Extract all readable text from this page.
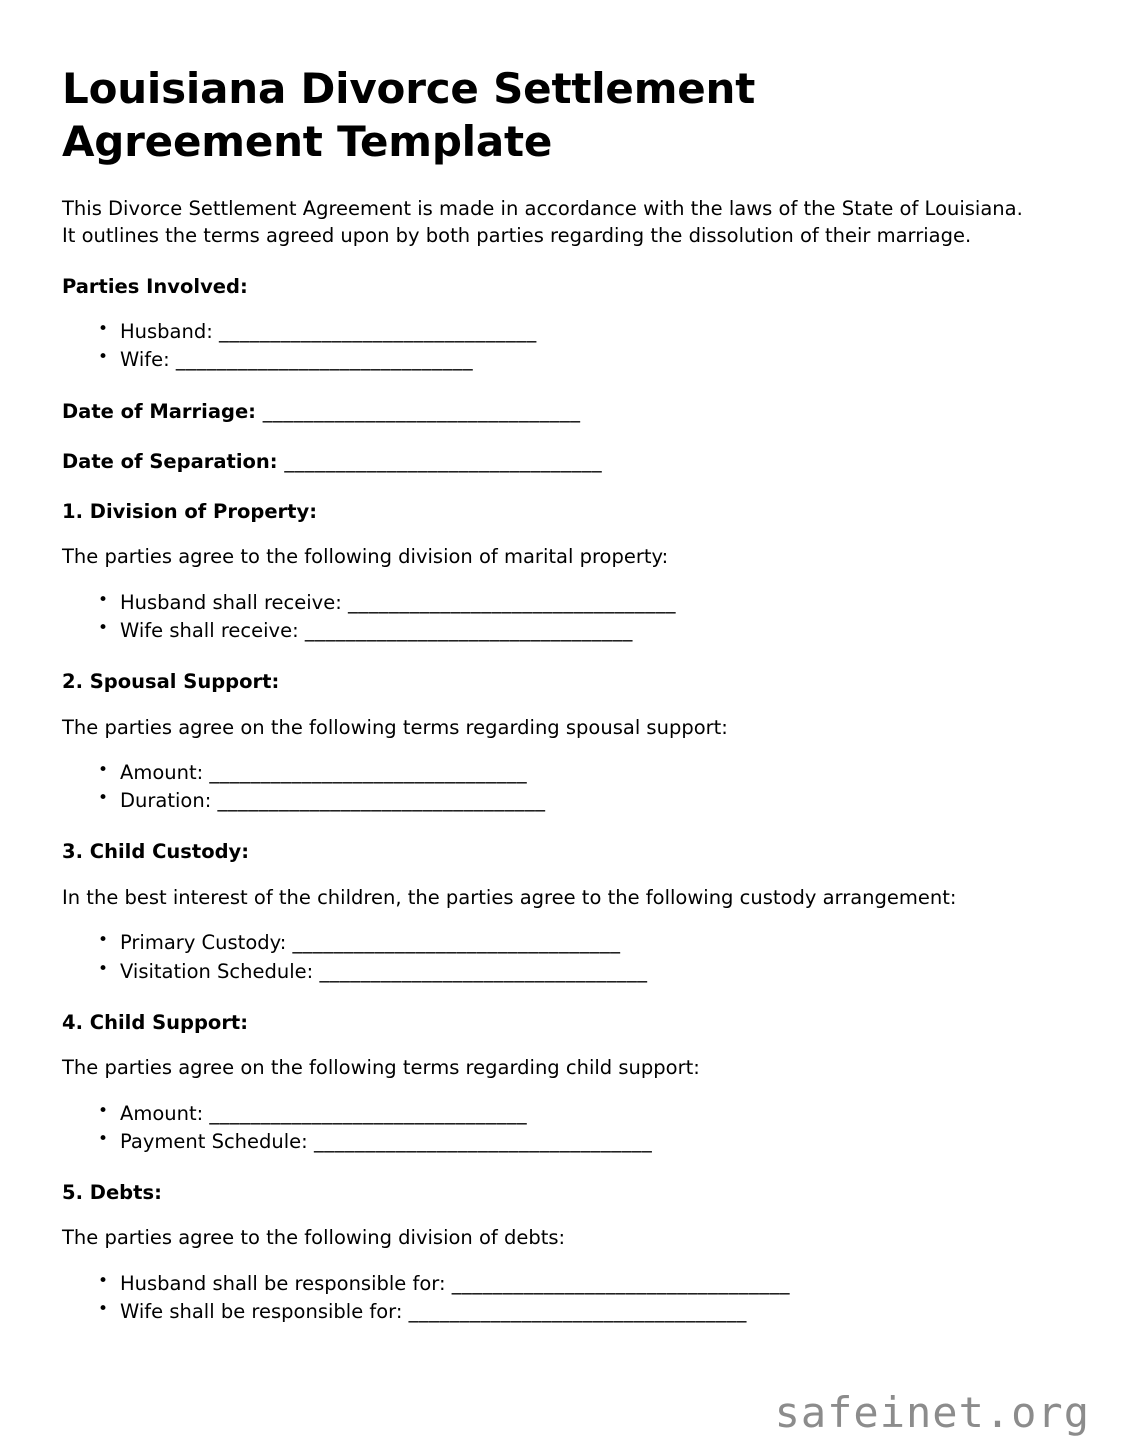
Louisiana Divorce Settlement Agreement Template

This Divorce Settlement Agreement is made in accordance with the laws of the State of Louisiana. It outlines the terms agreed upon by both parties regarding the dissolution of their marriage.

Parties Involved:
• Husband: _______________________________
• Wife: _____________________________
Date of Marriage: _______________________________
Date of Separation: _______________________________
1. Division of Property:

The parties agree to the following division of marital property:

• Husband shall receive: ________________________________
• Wife shall receive: ________________________________
2. Spousal Support:

The parties agree on the following terms regarding spousal support:

• Amount: _______________________________
• Duration: ________________________________
3. Child Custody:

In the best interest of the children, the parties agree to the following custody arrangement:

• Primary Custody: ________________________________
• Visitation Schedule: ________________________________
4. Child Support:

The parties agree on the following terms regarding child support:

• Amount: _______________________________
• Payment Schedule: _________________________________
5. Debts:

The parties agree to the following division of debts:

• Husband shall be responsible for: _________________________________
• Wife shall be responsible for: _________________________________
safeinet.org
